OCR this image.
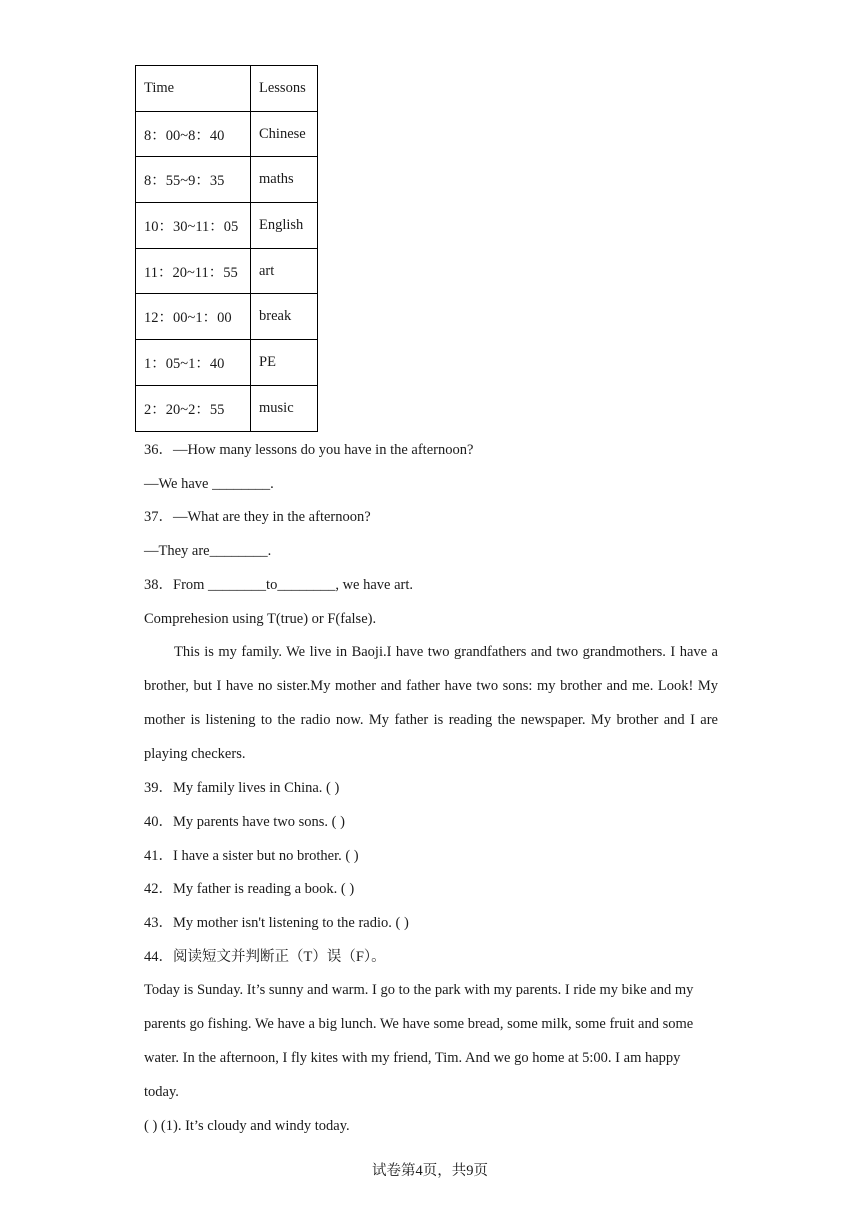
Time	Lessons
8：00~8：40	Chinese
8：55~9：35	maths
10：30~11：05	English
11：20~11：55	art
12：00~1：00	break
1：05~1：40	PE
2：20~2：55	music
36．—How many lessons do you have in the afternoon?
—We have ________.
37．—What are they in the afternoon?
—They are________.
38．From ________to________, we have art.
Comprehesion using T(true) or F(false).

This is my family. We live in Baoji.I have two grandfathers and two grandmothers. I have a brother, but I have no sister.My mother and father have two sons: my brother and me. Look! My mother is listening to the radio now. My father is reading the newspaper. My brother and I are playing checkers.

39．My family lives in China. ( )
40．My parents have two sons. ( )
41．I have a sister but no brother. ( )
42．My father is reading a book. ( )
43．My mother isn't listening to the radio. ( )
44．阅读短文并判断正（T）误（F）。

Today is Sunday. It’s sunny and warm. I go to the park with my parents. I ride my bike and my parents go fishing. We have a big lunch. We have some bread, some milk, some fruit and some water. In the afternoon, I fly kites with my friend, Tim. And we go home at 5:00. I am happy today.

( ) (1). It’s cloudy and windy today.
试卷第4页，共9页
